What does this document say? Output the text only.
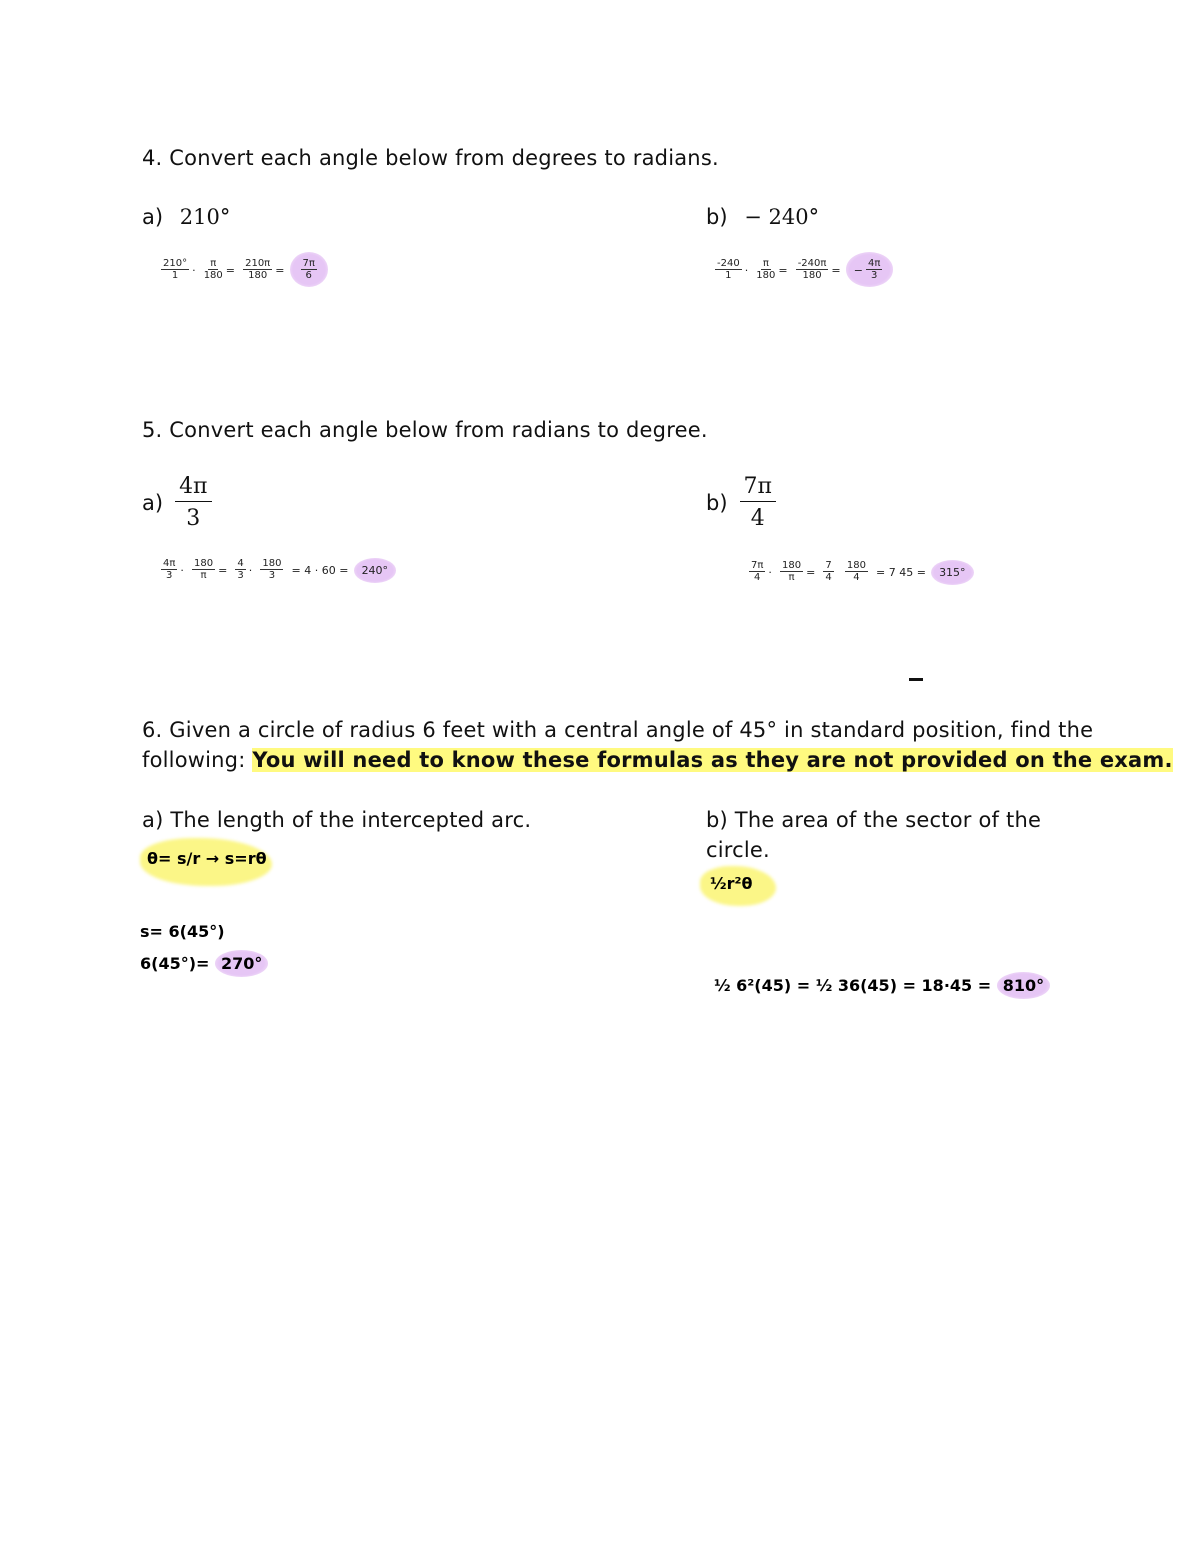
4. Convert each angle below from degrees to radians.
a) 210°	b) − 240°
$\frac{210^\circ}{1} \cdot \frac{\pi}{180} = \frac{210\pi}{180} = \frac{7\pi}{6}$	$\frac{-240}{1} \cdot \frac{\pi}{180} = \frac{-240\pi}{180}$ = − $\frac{4\pi}{3}$
5. Convert each angle below from radians to degree.
$a) \frac{4\pi}{3}$	$b) \frac{7\pi}{4}$
$\frac{4\pi}{3} \cdot \frac{180}{\pi} = \frac{4}{3} \cdot \frac{180}{3} = 4 \cdot 60 = 240^\circ$	$\frac{7\pi}{4} \cdot \frac{180}{\pi} = \frac{7}{4}$
$\frac{180}{4} = 7$ 45 = 315°
6. Given a circle of radius 6 feet with a central angle of 45° in standard position, find the
following: You will need to know these formulas as they are not provided on the exam.
a) The length of the intercepted arc.	b) The area of the sector of the
circle.
θ= s/r → s=rθ
½r²θ
s= 6(45°)
6(45°)= 270°
½ 6²(45) = ½ 36(45) = 18·45 = 810°
